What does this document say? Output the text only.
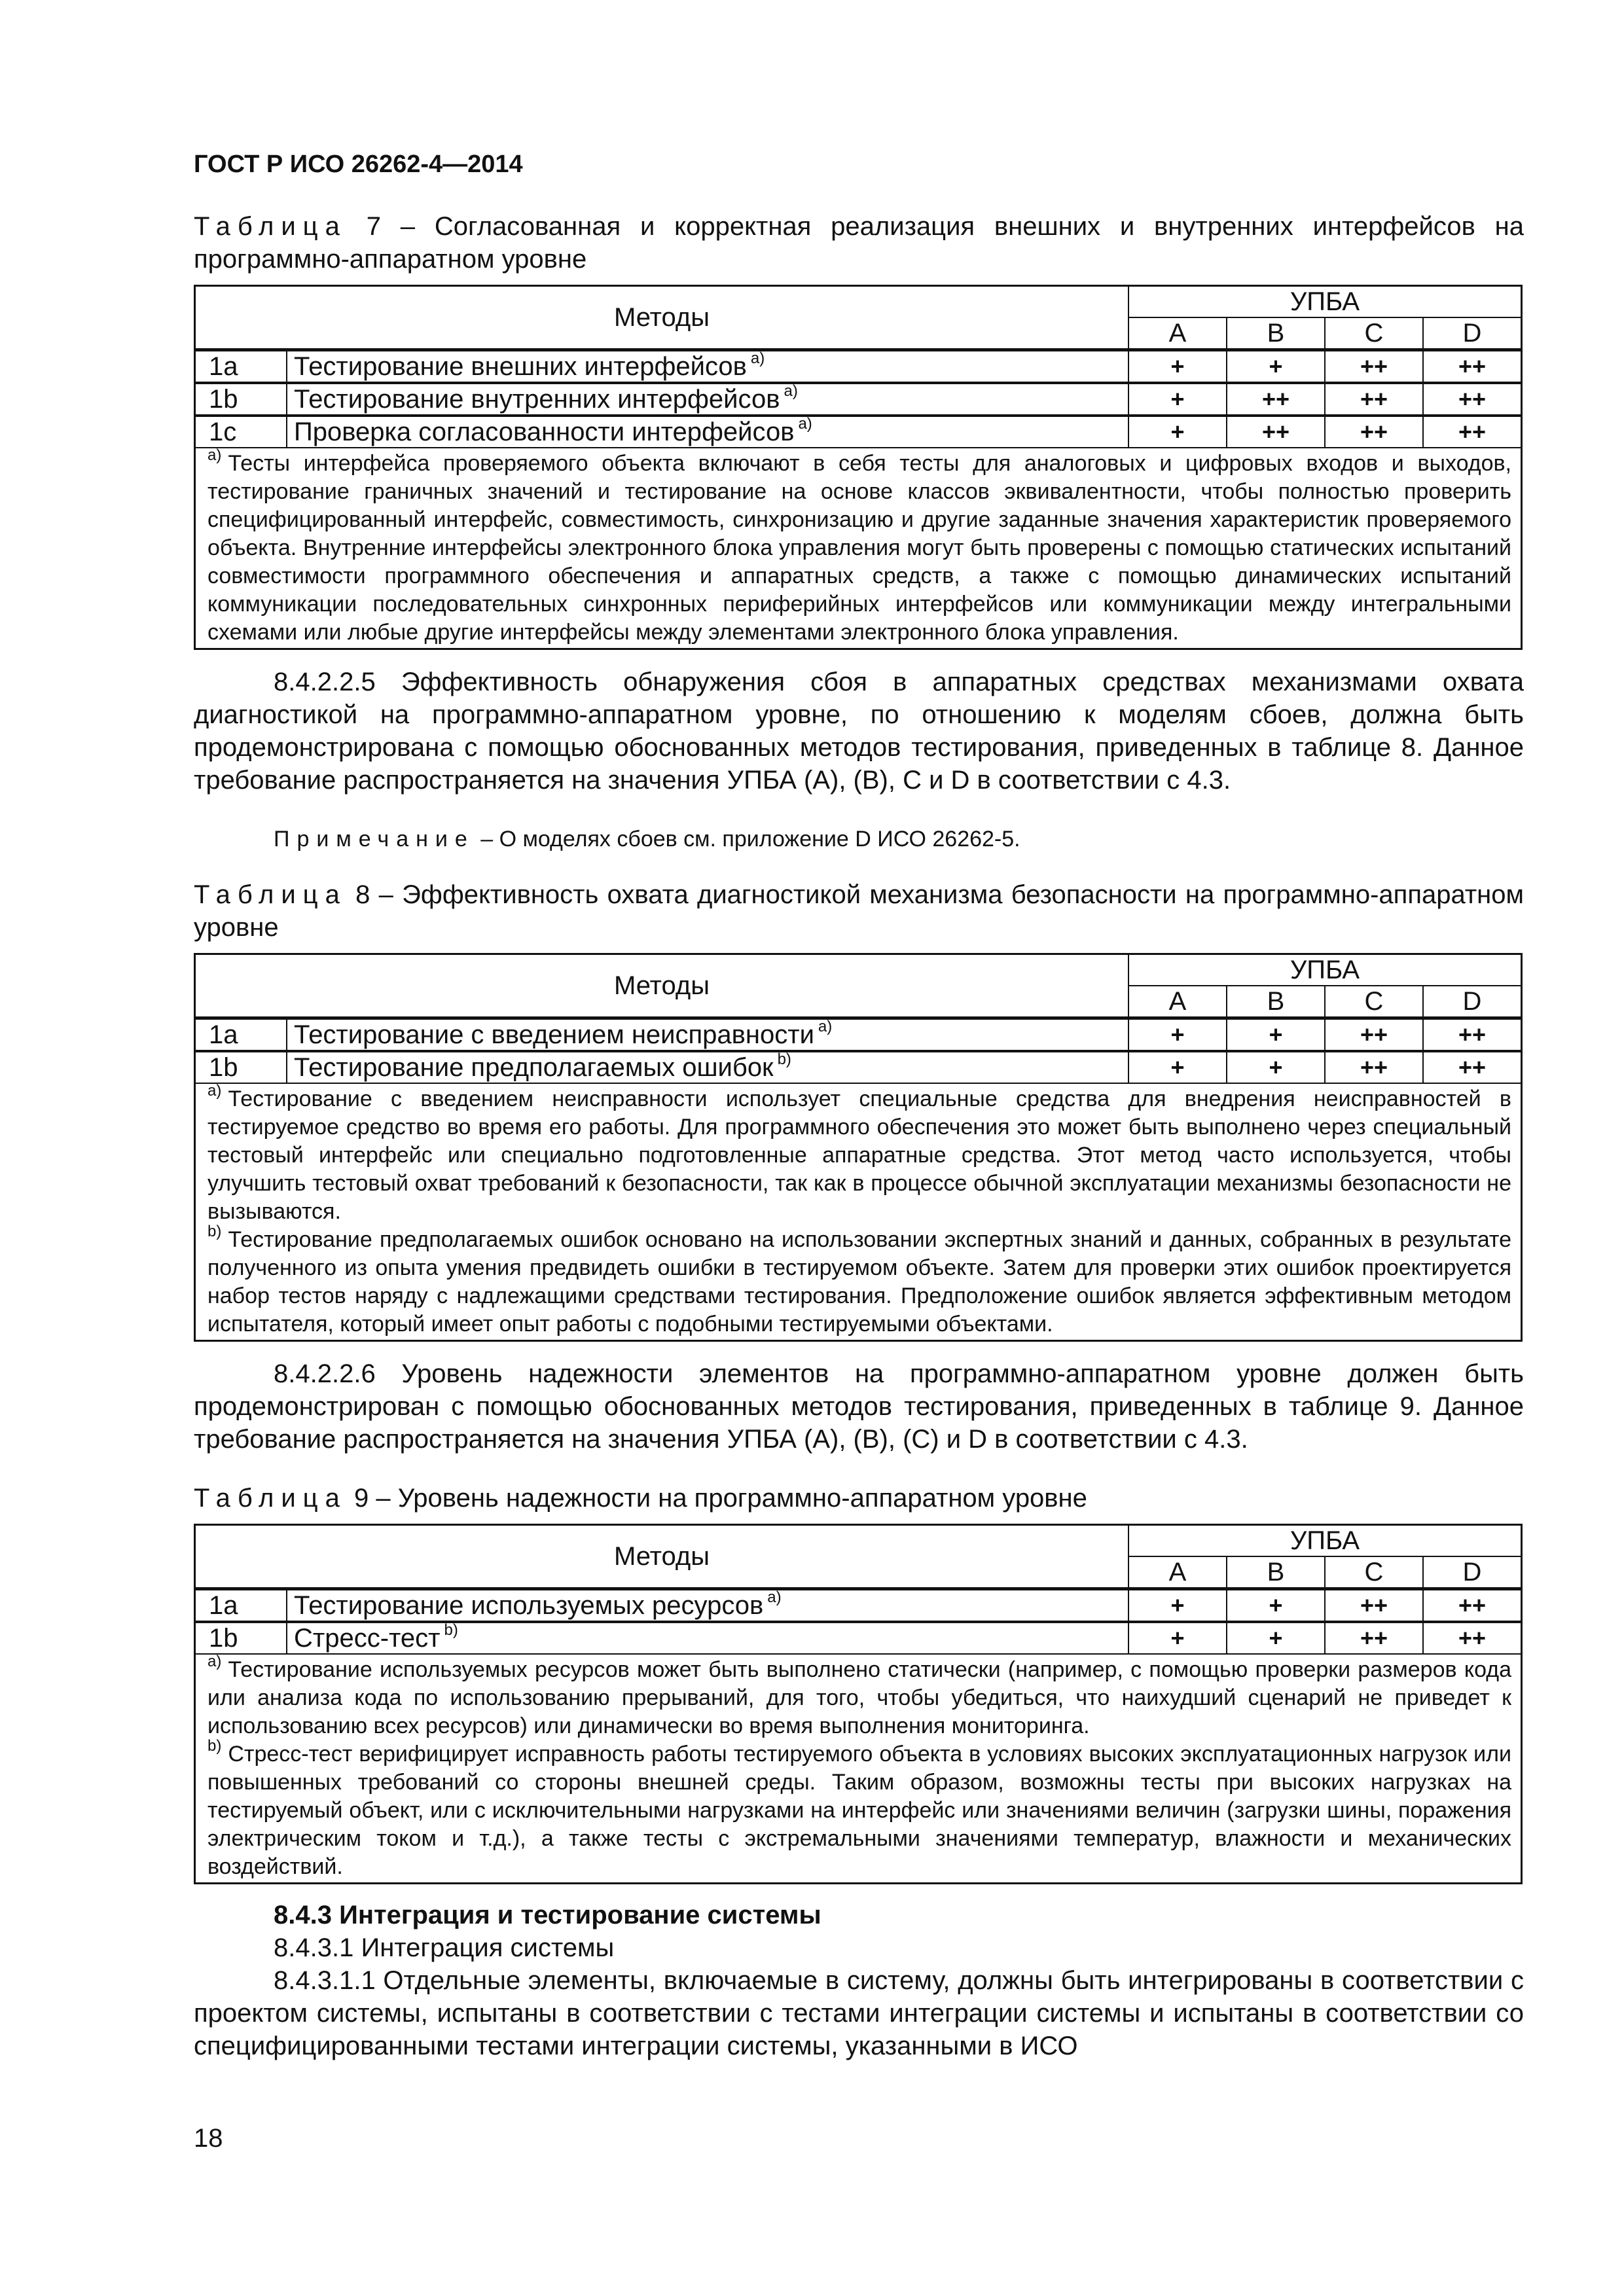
ГОСТ Р ИСО 26262-4—2014

Таблица 7 – Согласованная и корректная реализация внешних и внутренних интерфейсов на программно-аппаратном уровне

Методы		УПБА			
		A	B	C	D
1a	Тестирование внешних интерфейсов $^{a)}$	+	+	++	++
1b	Тестирование внутренних интерфейсов $^{a)}$	+	++	++	++
1c	Проверка согласованности интерфейсов $^{a)}$	+	++	++	++
$^{a)}$ Тесты интерфейса проверяемого объекта включают в себя тесты для аналоговых и цифровых входов и выходов, тестирование граничных значений и тестирование на основе классов эквивалентности, чтобы полностью проверить специфицированный интерфейс, совместимость, синхронизацию и другие заданные значения характеристик проверяемого объекта. Внутренние интерфейсы электронного блока управления могут быть проверены с помощью статических испытаний совместимости программного обеспечения и аппаратных средств, а также с помощью динамических испытаний коммуникации последовательных синхронных периферийных интерфейсов или коммуникации между интегральными схемами или любые другие интерфейсы между элементами электронного блока управления.					

8.4.2.2.5 Эффективность обнаружения сбоя в аппаратных средствах механизмами охвата диагностикой на программно-аппаратном уровне, по отношению к моделям сбоев, должна быть продемонстрирована с помощью обоснованных методов тестирования, приведенных в таблице 8. Данное требование распространяется на значения УПБА (А), (В), С и D в соответствии с 4.3.

Примечание – О моделях сбоев см. приложение D ИСО 26262-5.

Таблица 8 – Эффективность охвата диагностикой механизма безопасности на программно-аппаратном уровне

Методы		УПБА			
		A	B	C	D
1a	Тестирование с введением неисправности $^{a)}$	+	+	++	++
1b	Тестирование предполагаемых ошибок $^{b)}$	+	+	++	++

$^{a)}$ Тестирование с введением неисправности использует специальные средства для внедрения неисправностей в тестируемое средство во время его работы. Для программного обеспечения это может быть выполнено через специальный тестовый интерфейс или специально подготовленные аппаратные средства. Этот метод часто используется, чтобы улучшить тестовый охват требований к безопасности, так как в процессе обычной эксплуатации механизмы безопасности не вызываются.
$^{b)}$ Тестирование предполагаемых ошибок основано на использовании экспертных знаний и данных, собранных в результате полученного из опыта умения предвидеть ошибки в тестируемом объекте. Затем для проверки этих ошибок проектируется набор тестов наряду с надлежащими средствами тестирования. Предположение ошибок является эффективным методом испытателя, который имеет опыт работы с подобными тестируемыми объектами.					

8.4.2.2.6 Уровень надежности элементов на программно-аппаратном уровне должен быть продемонстрирован с помощью обоснованных методов тестирования, приведенных в таблице 9. Данное требование распространяется на значения УПБА (А), (В), (С) и D в соответствии с 4.3.

Таблица 9 – Уровень надежности на программно-аппаратном уровне

Методы		УПБА			
		A	B	C	D
1a	Тестирование используемых ресурсов $^{a)}$	+	+	++	++
1b	Стресс-тест $^{b)}$	+	+	++	++

$^{a)}$ Тестирование используемых ресурсов может быть выполнено статически (например, с помощью проверки размеров кода или анализа кода по использованию прерываний, для того, чтобы убедиться, что наихудший сценарий не приведет к использованию всех ресурсов) или динамически во время выполнения мониторинга.
$^{b)}$ Стресс-тест верифицирует исправность работы тестируемого объекта в условиях высоких эксплуатационных нагрузок или повышенных требований со стороны внешней среды. Таким образом, возможны тесты при высоких нагрузках на тестируемый объект, или с исключительными нагрузками на интерфейс или значениями величин (загрузки шины, поражения электрическим током и т.д.), а также тесты с экстремальными значениями температур, влажности и механических воздействий.					

8.4.3 Интеграция и тестирование системы

8.4.3.1 Интеграция системы

8.4.3.1.1 Отдельные элементы, включаемые в систему, должны быть интегрированы в соответствии с проектом системы, испытаны в соответствии с тестами интеграции системы и испытаны в соответствии со специфицированными тестами интеграции системы, указанными в ИСО

18
